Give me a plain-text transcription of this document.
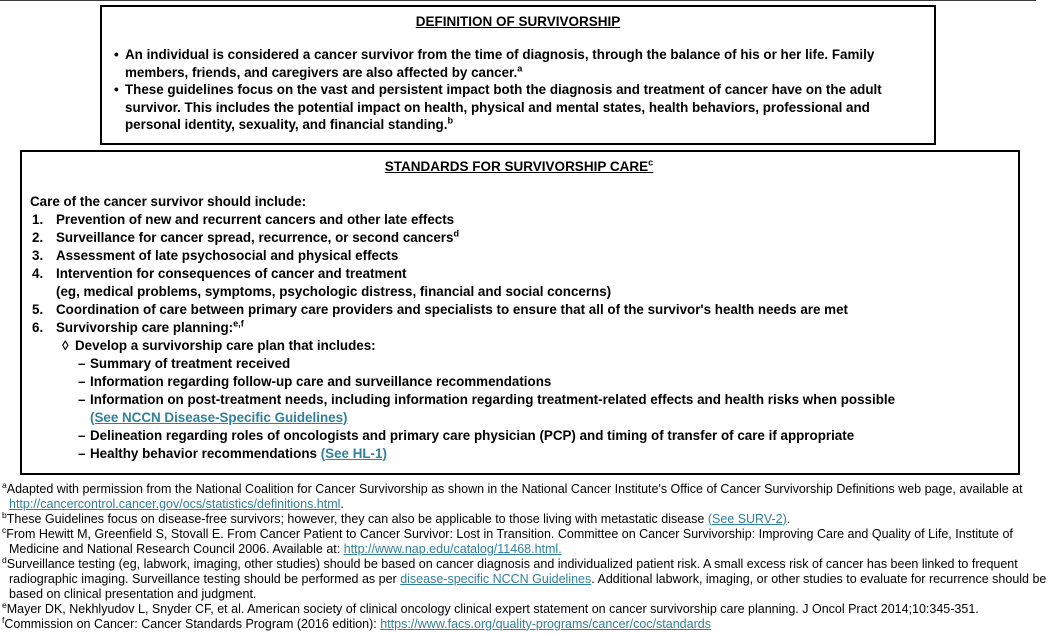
DEFINITION OF SURVIVORSHIP
• An individual is considered a cancer survivor from the time of diagnosis, through the balance of his or her life. Family members, friends, and caregivers are also affected by cancer.$^a$
• These guidelines focus on the vast and persistent impact both the diagnosis and treatment of cancer have on the adult survivor. This includes the potential impact on health, physical and mental states, health behaviors, professional and personal identity, sexuality, and financial standing.$^b$
STANDARDS FOR SURVIVORSHIP CARE$^c$
Care of the cancer survivor should include:
1. Prevention of new and recurrent cancers and other late effects
2. Surveillance for cancer spread, recurrence, or second cancers$^d$
3. Assessment of late psychosocial and physical effects
4. Intervention for consequences of cancer and treatment
(eg, medical problems, symptoms, psychologic distress, financial and social concerns)
5. Coordination of care between primary care providers and specialists to ensure that all of the survivor's health needs are met
6. Survivorship care planning:$^{e,f}$
◊ Develop a survivorship care plan that includes:
– Summary of treatment received
– Information regarding follow-up care and surveillance recommendations
– Information on post-treatment needs, including information regarding treatment-related effects and health risks when possible
(See NCCN Disease-Specific Guidelines)
– Delineation regarding roles of oncologists and primary care physician (PCP) and timing of transfer of care if appropriate
– Healthy behavior recommendations (See HL-1)
$^a$Adapted with permission from the National Coalition for Cancer Survivorship as shown in the National Cancer Institute's Office of Cancer Survivorship Definitions web page, available at http://cancercontrol.cancer.gov/ocs/statistics/definitions.html.
$^b$These Guidelines focus on disease-free survivors; however, they can also be applicable to those living with metastatic disease (See SURV-2).
$^c$From Hewitt M, Greenfield S, Stovall E. From Cancer Patient to Cancer Survivor: Lost in Transition. Committee on Cancer Survivorship: Improving Care and Quality of Life, Institute of Medicine and National Research Council 2006. Available at: http://www.nap.edu/catalog/11468.html.
$^d$Surveillance testing (eg, labwork, imaging, other studies) should be based on cancer diagnosis and individualized patient risk. A small excess risk of cancer has been linked to frequent radiographic imaging. Surveillance testing should be performed as per disease-specific NCCN Guidelines. Additional labwork, imaging, or other studies to evaluate for recurrence should be based on clinical presentation and judgment.
$^e$Mayer DK, Nekhlyudov L, Snyder CF, et al. American society of clinical oncology clinical expert statement on cancer survivorship care planning. J Oncol Pract 2014;10:345-351.
$^f$Commission on Cancer: Cancer Standards Program (2016 edition): https://www.facs.org/quality-programs/cancer/coc/standards
